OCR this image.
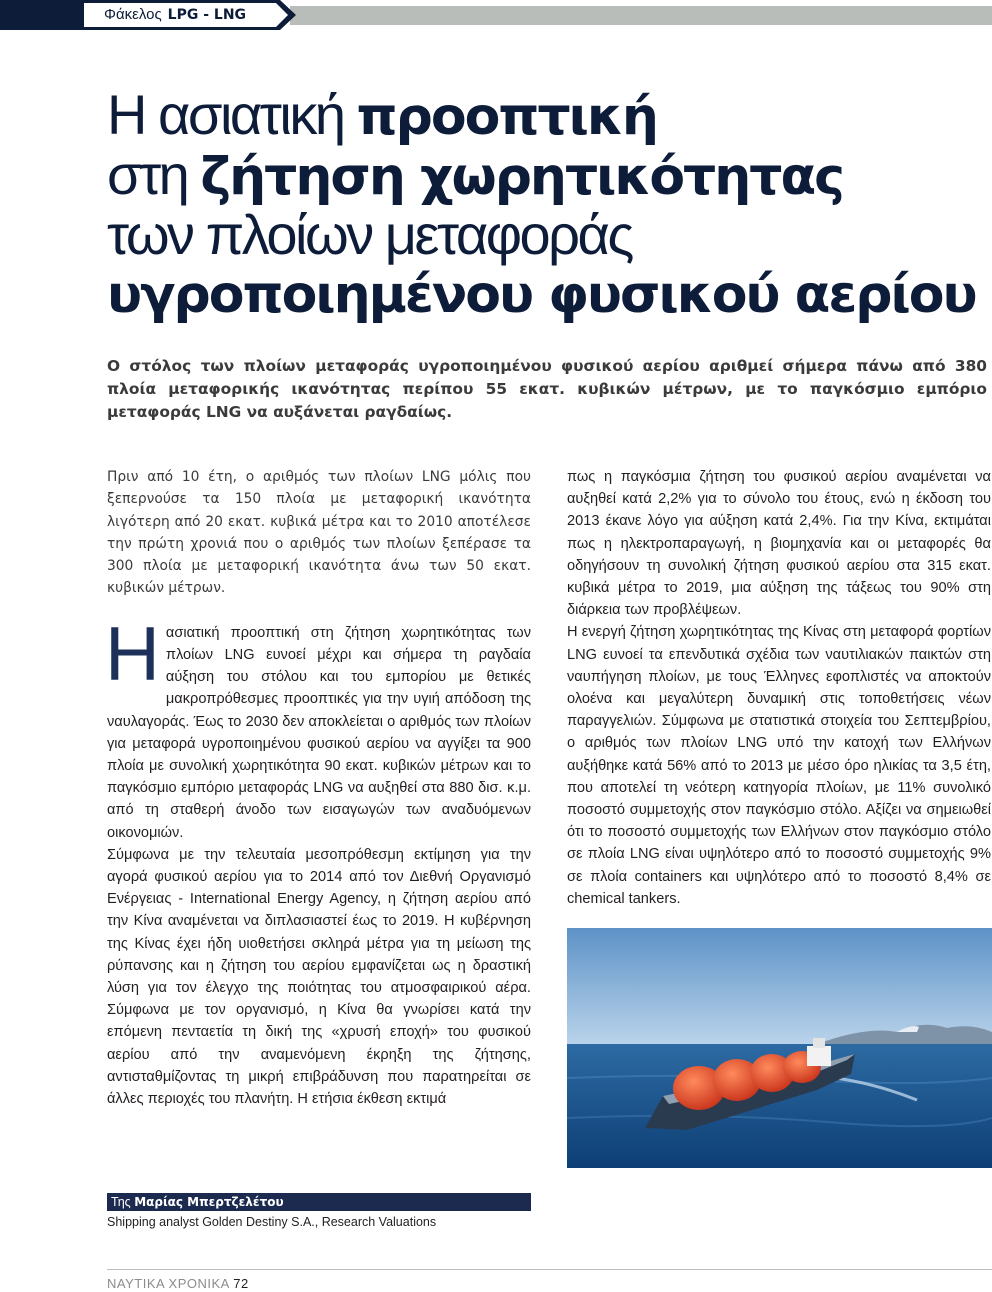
Φάκελος LPG - LNG
Η ασιατική προοπτική
στη ζήτηση χωρητικότητας
των πλοίων μεταφοράς
υγροποιημένου φυσικού αερίου

Ο στόλος των πλοίων μεταφοράς υγροποιημένου φυσικού αερίου αριθμεί σήμερα πάνω από 380 πλοία μεταφορικής ικανότητας περίπου 55 εκατ. κυβικών μέτρων, με το παγκόσμιο εμπόριο μεταφοράς LNG να αυξάνεται ραγδαίως.

Πριν από 10 έτη, ο αριθμός των πλοίων LNG μόλις που ξεπερνούσε τα 150 πλοία με μεταφορική ικανότητα λιγότερη από 20 εκατ. κυβικά μέτρα και το 2010 αποτέλεσε την πρώτη χρονιά που ο αριθμός των πλοίων ξεπέρασε τα 300 πλοία με μεταφορική ικανότητα άνω των 50 εκατ. κυβικών μέτρων.

Ηασιατική προοπτική στη ζήτηση χωρητικότητας των πλοίων LNG ευνοεί μέχρι και σήμερα τη ραγδαία αύξηση του στόλου και του εμπορίου με θετικές μακροπρόθεσμες προοπτικές για την υγιή απόδοση της ναυλαγοράς. Έως το 2030 δεν αποκλείεται ο αριθμός των πλοίων για μεταφορά υγροποιημένου φυσικού αερίου να αγγίξει τα 900 πλοία με συνολική χωρητικότητα 90 εκατ. κυβικών μέτρων και το παγκόσμιο εμπόριο μεταφοράς LNG να αυξηθεί στα 880 δισ. κ.μ. από τη σταθερή άνοδο των εισαγωγών των αναδυόμενων οικονομιών.

Σύμφωνα με την τελευταία μεσοπρόθεσμη εκτίμηση για την αγορά φυσικού αερίου για το 2014 από τον Διεθνή Οργανισμό Ενέργειας - International Energy Agency, η ζήτηση αερίου από την Κίνα αναμένεται να διπλασιαστεί έως το 2019. Η κυβέρνηση της Κίνας έχει ήδη υιοθετήσει σκληρά μέτρα για τη μείωση της ρύπανσης και η ζήτηση του αερίου εμφανίζεται ως η δραστική λύση για τον έλεγχο της ποιότητας του ατμοσφαιρικού αέρα. Σύμφωνα με τον οργανισμό, η Κίνα θα γνωρίσει κατά την επόμενη πενταετία τη δική της «χρυσή εποχή» του φυσικού αερίου από την αναμενόμενη έκρηξη της ζήτησης, αντισταθμίζοντας τη μικρή επιβράδυνση που παρατηρείται σε άλλες περιοχές του πλανήτη. Η ετήσια έκθεση εκτιμά

πως η παγκόσμια ζήτηση του φυσικού αερίου αναμένεται να αυξηθεί κατά 2,2% για το σύνολο του έτους, ενώ η έκδοση του 2013 έκανε λόγο για αύξηση κατά 2,4%. Για την Κίνα, εκτιμάται πως η ηλεκτροπαραγωγή, η βιομηχανία και οι μεταφορές θα οδηγήσουν τη συνολική ζήτηση φυσικού αερίου στα 315 εκατ. κυβικά μέτρα το 2019, μια αύξηση της τάξεως του 90% στη διάρκεια των προβλέψεων.

Η ενεργή ζήτηση χωρητικότητας της Κίνας στη μεταφορά φορτίων LNG ευνοεί τα επενδυτικά σχέδια των ναυτιλιακών παικτών στη ναυπήγηση πλοίων, με τους Έλληνες εφοπλιστές να αποκτούν ολοένα και μεγαλύτερη δυναμική στις τοποθετήσεις νέων παραγγελιών. Σύμφωνα με στατιστικά στοιχεία του Σεπτεμβρίου, ο αριθμός των πλοίων LNG υπό την κατοχή των Ελλήνων αυξήθηκε κατά 56% από το 2013 με μέσο όρο ηλικίας τα 3,5 έτη, που αποτελεί τη νεότερη κατηγορία πλοίων, με 11% συνολικό ποσοστό συμμετοχής στον παγκόσμιο στόλο. Αξίζει να σημειωθεί ότι το ποσοστό συμμετοχής των Ελλήνων στον παγκόσμιο στόλο σε πλοία LNG είναι υψηλότερο από το ποσοστό συμμετοχής 9% σε πλοία containers και υψηλότερο από το ποσοστό 8,4% σε chemical tankers.

Της Μαρίας Μπερτζελέτου
Shipping analyst Golden Destiny S.A., Research Valuations
ΝΑΥΤΙΚΑ ΧΡΟΝΙΚΑ 72
